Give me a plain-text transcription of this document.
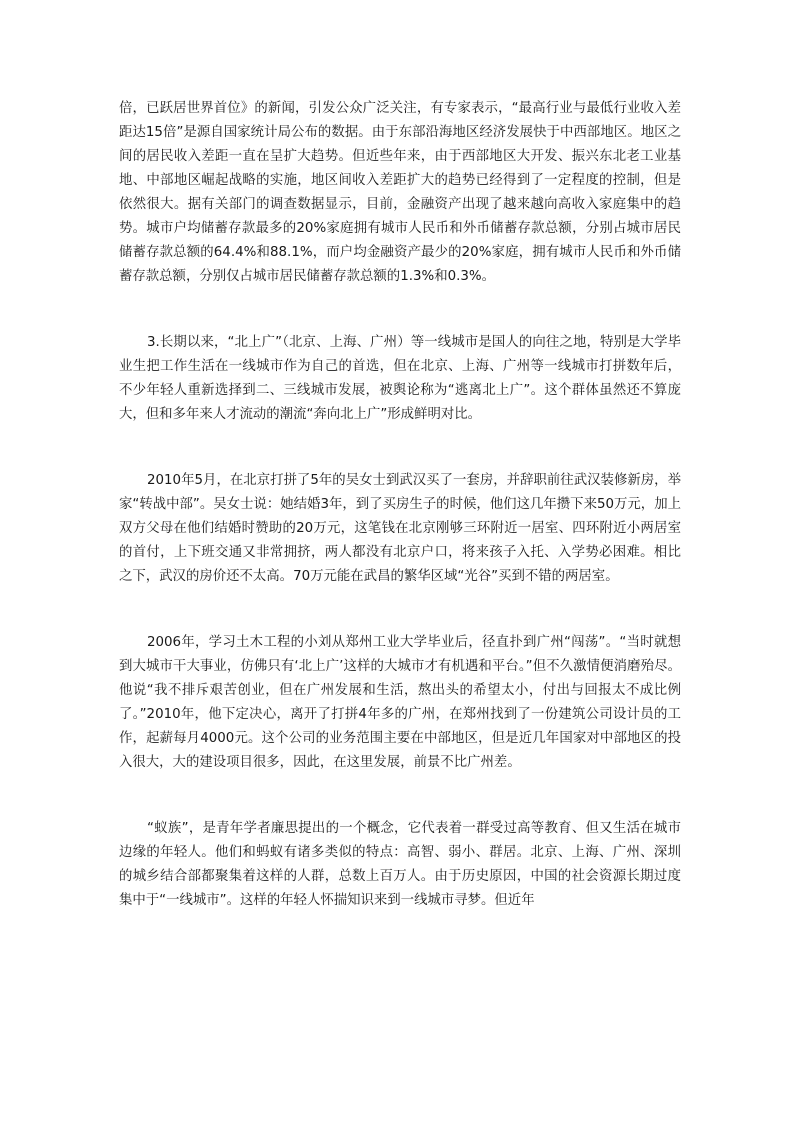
倍，已跃居世界首位》的新闻，引发公众广泛关注，有专家表示，“最高行业与最低行业收入差距达15倍”是源自国家统计局公布的数据。由于东部沿海地区经济发展快于中西部地区。地区之间的居民收入差距一直在呈扩大趋势。但近些年来，由于西部地区大开发、振兴东北老工业基地、中部地区崛起战略的实施，地区间收入差距扩大的趋势已经得到了一定程度的控制，但是依然很大。据有关部门的调查数据显示，目前，金融资产出现了越来越向高收入家庭集中的趋势。城市户均储蓄存款最多的20%家庭拥有城市人民币和外币储蓄存款总额，分别占城市居民储蓄存款总额的64.4%和88.1%，而户均金融资产最少的20%家庭，拥有城市人民币和外币储蓄存款总额，分别仅占城市居民储蓄存款总额的1.3%和0.3%。

3.长期以来，“北上广”（北京、上海、广州）等一线城市是国人的向往之地，特别是大学毕业生把工作生活在一线城市作为自己的首选，但在北京、上海、广州等一线城市打拼数年后，不少年轻人重新选择到二、三线城市发展，被舆论称为“逃离北上广”。这个群体虽然还不算庞大，但和多年来人才流动的潮流“奔向北上广”形成鲜明对比。

2010年5月，在北京打拼了5年的吴女士到武汉买了一套房，并辞职前往武汉装修新房，举家“转战中部”。吴女士说：她结婚3年，到了买房生子的时候，他们这几年攒下来50万元，加上双方父母在他们结婚时赞助的20万元，这笔钱在北京刚够三环附近一居室、四环附近小两居室的首付，上下班交通又非常拥挤，两人都没有北京户口，将来孩子入托、入学势必困难。相比之下，武汉的房价还不太高。70万元能在武昌的繁华区域“光谷”买到不错的两居室。

2006年，学习土木工程的小刘从郑州工业大学毕业后，径直扑到广州“闯荡”。“当时就想到大城市干大事业，仿佛只有‘北上广’这样的大城市才有机遇和平台。”但不久激情便消磨殆尽。他说“我不排斥艰苦创业，但在广州发展和生活，熬出头的希望太小，付出与回报太不成比例了。”2010年，他下定决心，离开了打拼4年多的广州，在郑州找到了一份建筑公司设计员的工作，起薪每月4000元。这个公司的业务范围主要在中部地区，但是近几年国家对中部地区的投入很大，大的建设项目很多，因此，在这里发展，前景不比广州差。

“蚁族”，是青年学者廉思提出的一个概念，它代表着一群受过高等教育、但又生活在城市边缘的年轻人。他们和蚂蚁有诸多类似的特点：高智、弱小、群居。北京、上海、广州、深圳的城乡结合部都聚集着这样的人群，总数上百万人。由于历史原因，中国的社会资源长期过度集中于“一线城市”。这样的年轻人怀揣知识来到一线城市寻梦。但近年
